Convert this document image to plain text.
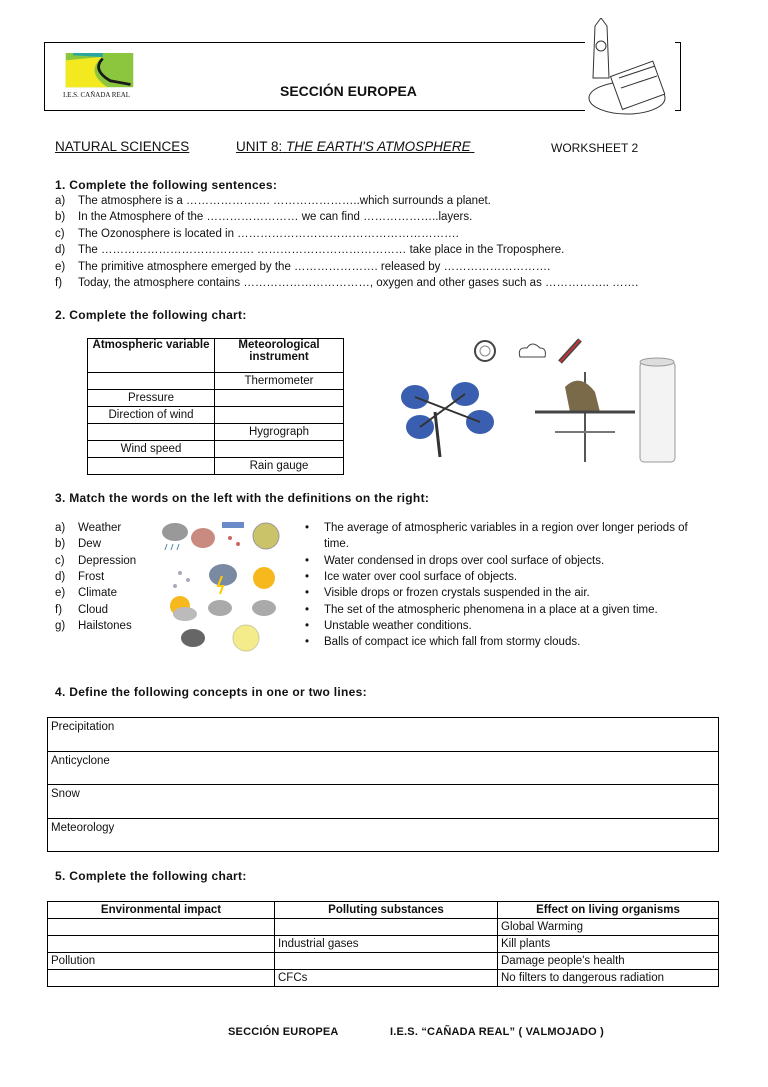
I.E.S. CAÑADA REAL	SECCIÓN EUROPEA
NATURAL SCIENCES	UNIT 8: THE EARTH'S ATMOSPHERE	WORKSHEET 2
1. Complete the following sentences:
a) The atmosphere is a …………………. …………………..which surrounds a planet.
b) In the Atmosphere of the …………………… we can find ………………..layers.
c) The Ozonosphere is located in ………………………………………………….
d) The …………………………………. ………………………………… take place in the Troposphere.
e) The primitive atmosphere emerged by the …………………. released by ……………………….
f) Today, the atmosphere contains ……………………………, oxygen and other gases such as …………….. …….
2. Complete the following chart:
Atmospheric variable	Meteorological instrument
	Thermometer
Pressure	
Direction of wind	
	Hygrograph
Wind speed	
	Rain gauge
3. Match the words on the left with the definitions on the right:
a) Weather
b) Dew
c) Depression
d) Frost
e) Climate
f) Cloud
g) Hailstones
• The average of atmospheric variables in a region over longer periods of
• Water condensed in drops over cool surface of objects.
• Ice water over cool surface of objects.
• Visible drops or frozen crystals suspended in the air.
• The set of the atmospheric phenomena in a place at a given time.
• Unstable weather conditions.
• Balls of compact ice which fall from stormy clouds.
time.
4. Define the following concepts in one or two lines:
Precipitation
Anticyclone
Snow
Meteorology
5. Complete the following chart:
Environmental impact	Polluting substances	Effect on living organisms
		Global Warming
	Industrial gases	Kill plants
Pollution		Damage people's health
	CFCs	No filters to dangerous radiation
SECCIÓN EUROPEA	I.E.S. “CAÑADA REAL” ( VALMOJADO )
